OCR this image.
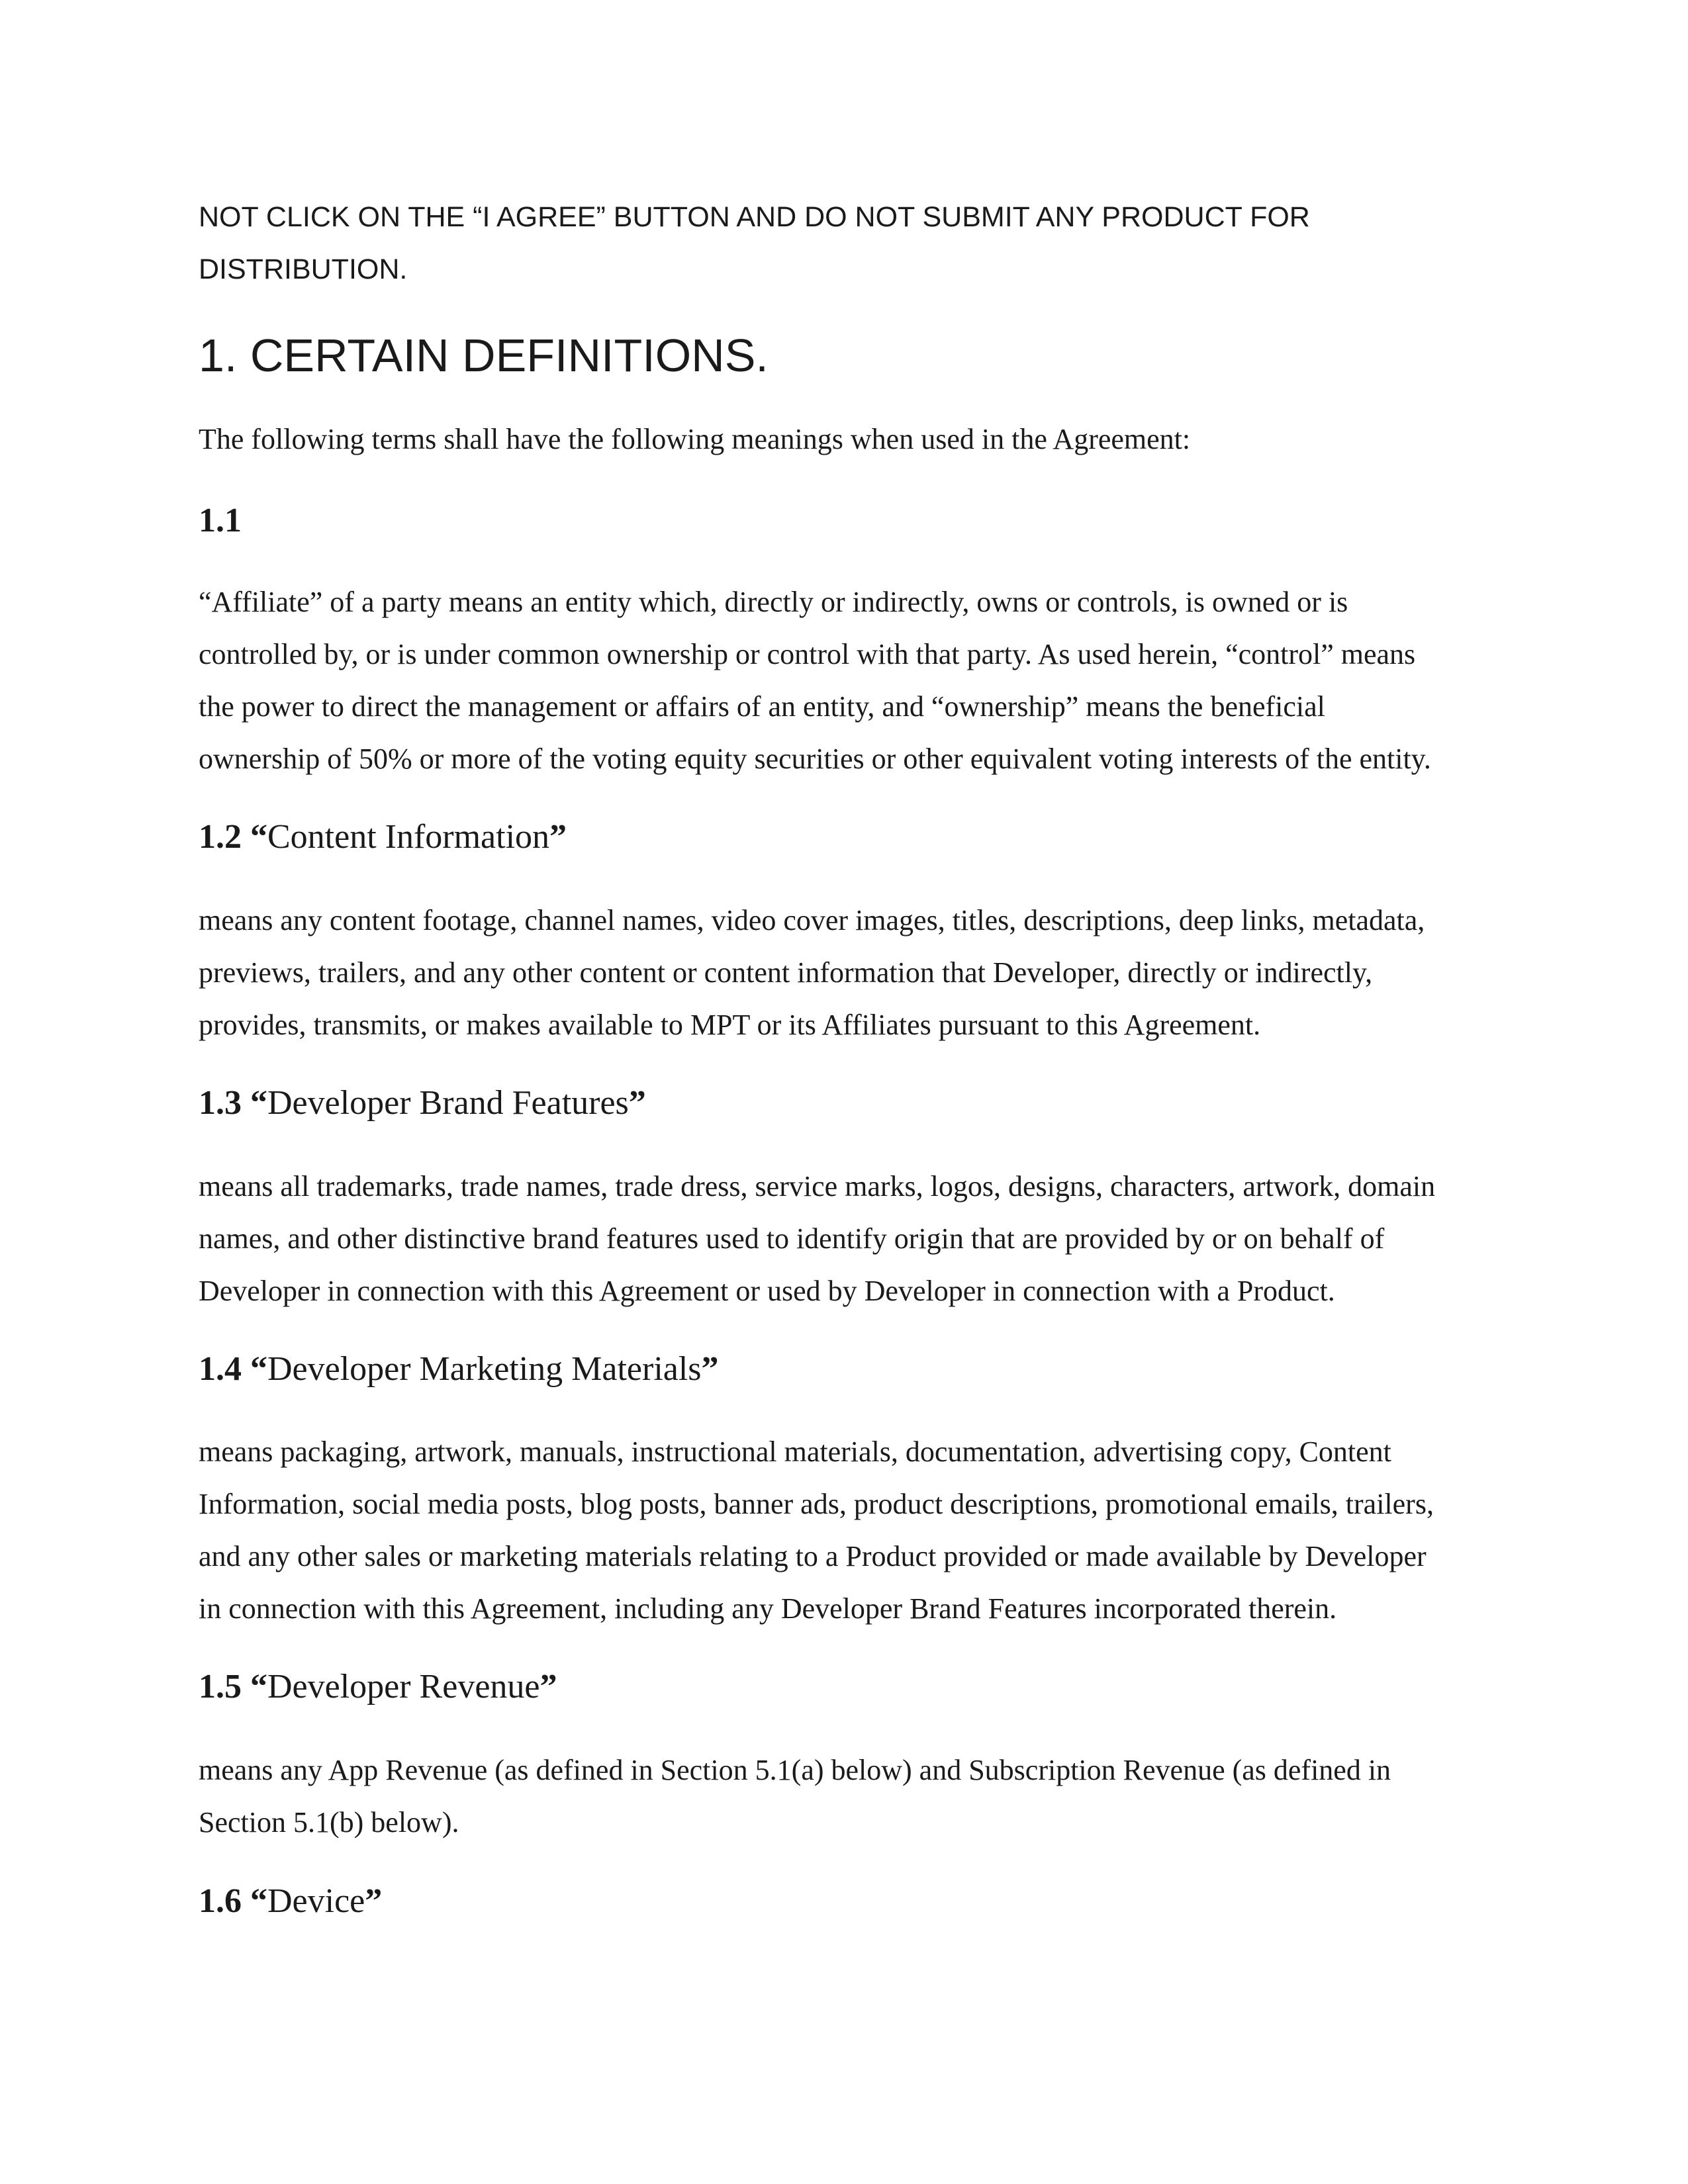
NOT CLICK ON THE “I AGREE” BUTTON AND DO NOT SUBMIT ANY PRODUCT FOR
DISTRIBUTION.
1. CERTAIN DEFINITIONS.

The following terms shall have the following meanings when used in the Agreement:

1.1

“Affiliate” of a party means an entity which, directly or indirectly, owns or controls, is owned or is

controlled by, or is under common ownership or control with that party. As used herein, “control” means

the power to direct the management or affairs of an entity, and “ownership” means the beneficial

ownership of 50% or more of the voting equity securities or other equivalent voting interests of the entity.

1.2 “Content Information”

means any content footage, channel names, video cover images, titles, descriptions, deep links, metadata,

previews, trailers, and any other content or content information that Developer, directly or indirectly,

provides, transmits, or makes available to MPT or its Affiliates pursuant to this Agreement.

1.3 “Developer Brand Features”

means all trademarks, trade names, trade dress, service marks, logos, designs, characters, artwork, domain

names, and other distinctive brand features used to identify origin that are provided by or on behalf of

Developer in connection with this Agreement or used by Developer in connection with a Product.

1.4 “Developer Marketing Materials”

means packaging, artwork, manuals, instructional materials, documentation, advertising copy, Content

Information, social media posts, blog posts, banner ads, product descriptions, promotional emails, trailers,

and any other sales or marketing materials relating to a Product provided or made available by Developer

in connection with this Agreement, including any Developer Brand Features incorporated therein.

1.5 “Developer Revenue”

means any App Revenue (as defined in Section 5.1(a) below) and Subscription Revenue (as defined in

Section 5.1(b) below).

1.6 “Device”
